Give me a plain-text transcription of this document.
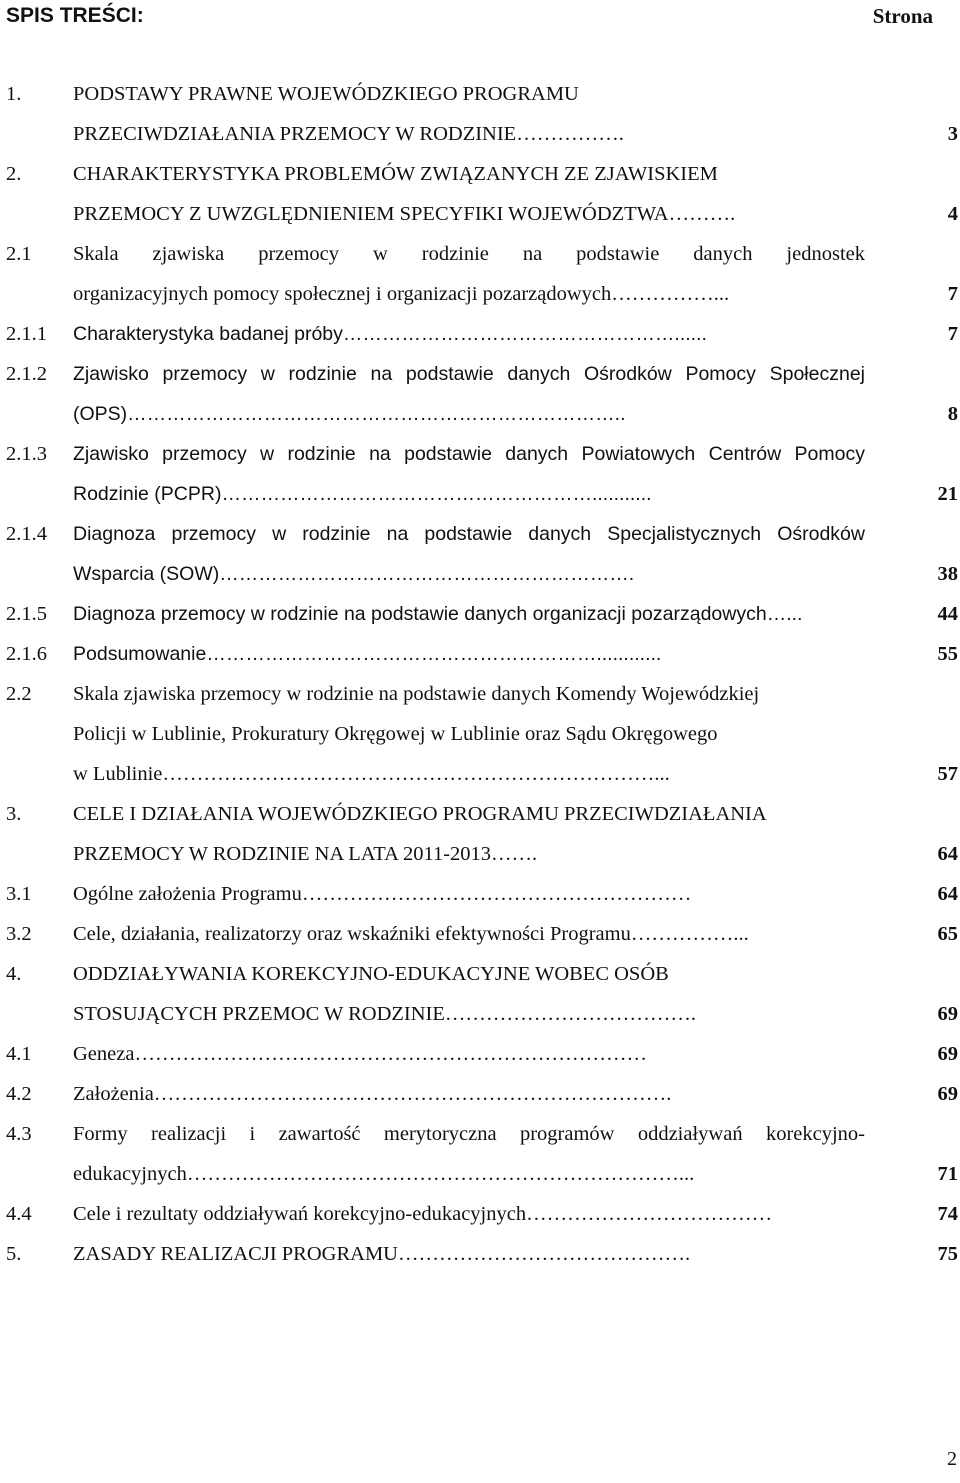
SPIS TREŚCI:	Strona
1.	PODSTAWY PRAWNE WOJEWÓDZKIEGO PROGRAMU
PRZECIWDZIAŁANIA PRZEMOCY W RODZINIE…………….	3
2.	CHARAKTERYSTYKA PROBLEMÓW ZWIĄZANYCH ZE ZJAWISKIEM
PRZEMOCY Z UWZGLĘDNIENIEM SPECYFIKI WOJEWÓDZTWA……….	4
2.1 Skala zjawiska przemocy w rodzinie na podstawie danych jednostek
organizacyjnych pomocy społecznej i organizacji pozarządowych……………...	7
2.1.1 Charakterystyka badanej próby……………………………………………......	7
2.1.2 Zjawisko przemocy w rodzinie na podstawie danych Ośrodków Pomocy Społecznej
(OPS)…………………………………………………………………..	8
2.1.3 Zjawisko przemocy w rodzinie na podstawie danych Powiatowych Centrów Pomocy
Rodzinie (PCPR)…………………………………………………...........	21
2.1.4 Diagnoza przemocy w rodzinie na podstawie danych Specjalistycznych Ośrodków
Wsparcia (SOW)……………………………………………………….	38
2.1.5 Diagnoza przemocy w rodzinie na podstawie danych organizacji pozarządowych…...	44
2.1.6 Podsumowanie……………………………………………………............	55
2.2 Skala zjawiska przemocy w rodzinie na podstawie danych Komendy Wojewódzkiej
Policji w Lublinie, Prokuratury Okręgowej w Lublinie oraz Sądu Okręgowego
w Lublinie………………………………………………………………...	57
3.	CELE I DZIAŁANIA WOJEWÓDZKIEGO PROGRAMU PRZECIWDZIAŁANIA
PRZEMOCY W RODZINIE NA LATA 2011-2013…….	64
3.1 Ogólne założenia Programu…………………………………………………	64
3.2 Cele, działania, realizatorzy oraz wskaźniki efektywności Programu……………...	65
4.	ODDZIAŁYWANIA KOREKCYJNO-EDUKACYJNE WOBEC OSÓB
STOSUJĄCYCH PRZEMOC W RODZINIE……………………………….	69
4.1 Geneza…………………………………………………………………	69
4.2 Założenia………………………………………………………………….	69
4.3 Formy realizacji i zawartość merytoryczna programów oddziaływań korekcyjno-
edukacyjnych………………………………………………………………...	71
4.4 Cele i rezultaty oddziaływań korekcyjno-edukacyjnych………………………………	74
5.	ZASADY REALIZACJI PROGRAMU…………………………………….	75
2
